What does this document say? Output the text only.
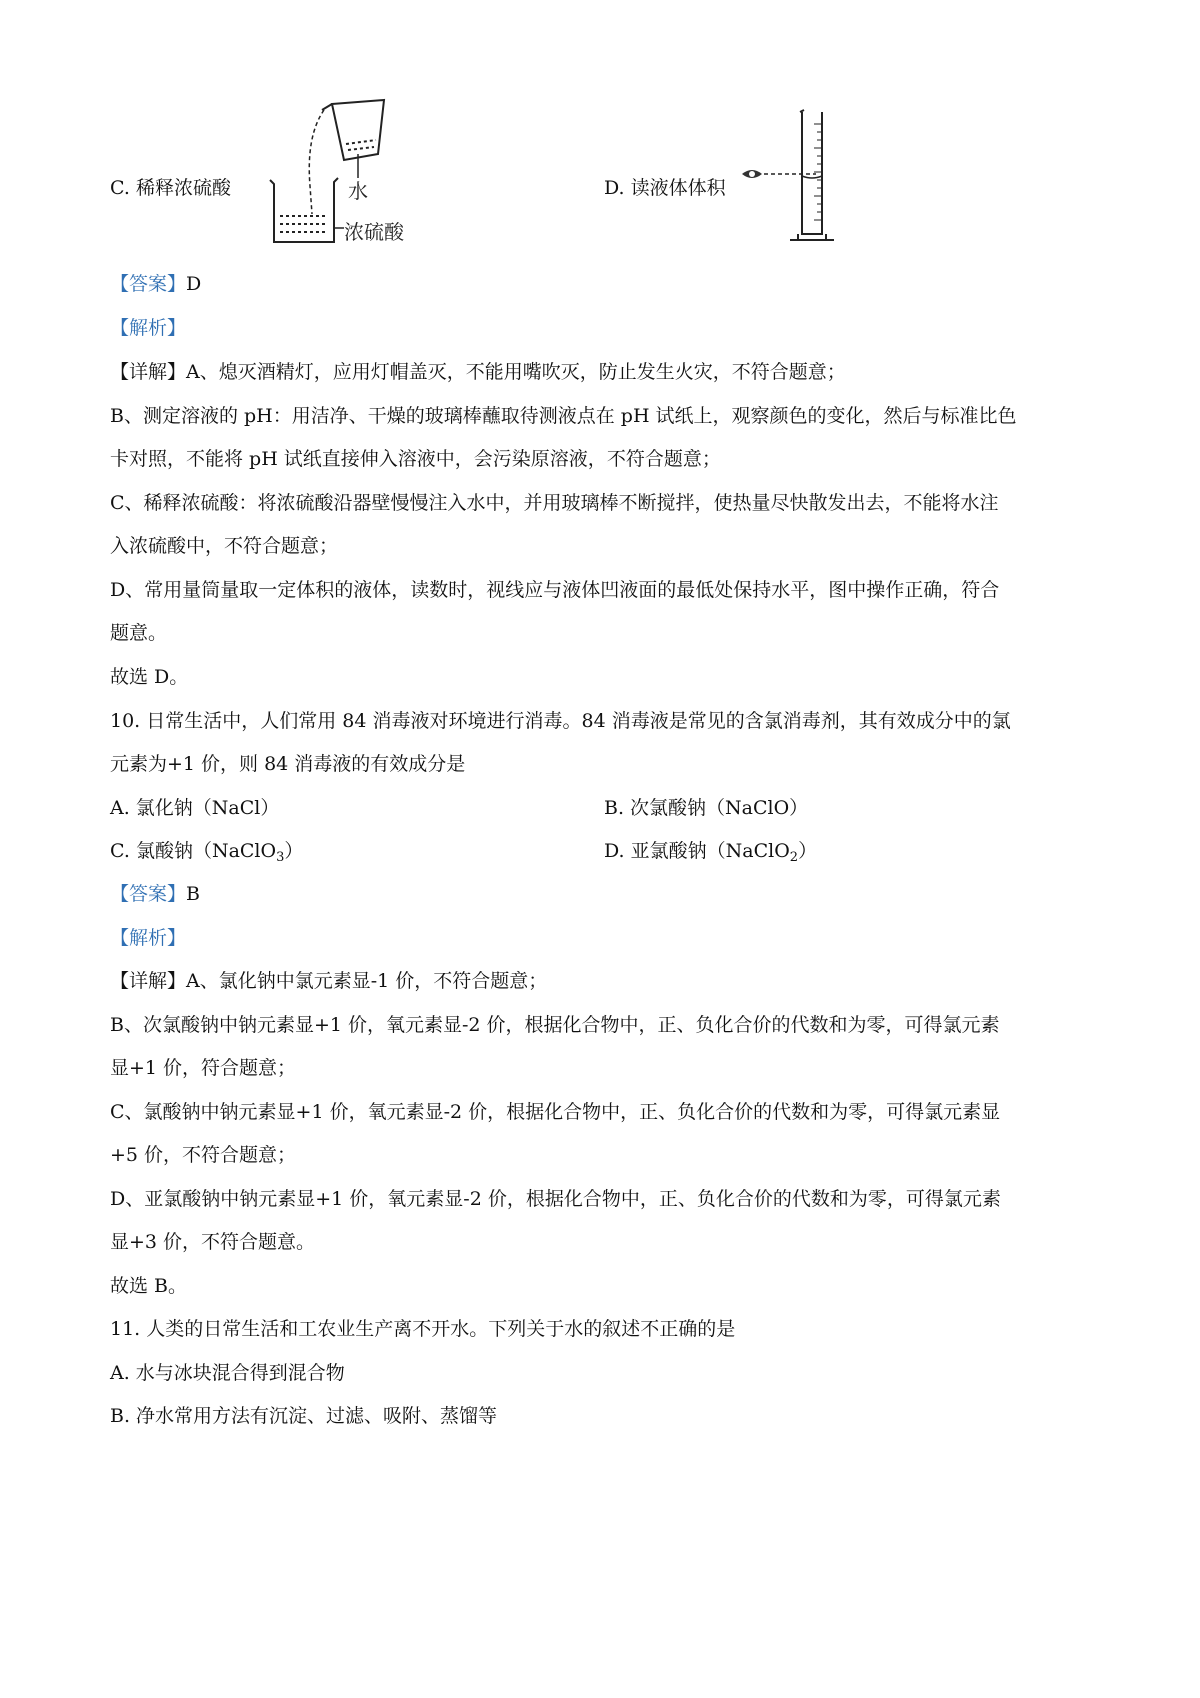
C. 稀释浓硫酸	水
浓硫酸
D. 读液体体积
【答案】D
【解析】
【详解】A、熄灭酒精灯，应用灯帽盖灭，不能用嘴吹灭，防止发生火灾，不符合题意；
B、测定溶液的 pH：用洁净、干燥的玻璃棒蘸取待测液点在 pH 试纸上，观察颜色的变化，然后与标准比色
卡对照，不能将 pH 试纸直接伸入溶液中，会污染原溶液，不符合题意；
C、稀释浓硫酸：将浓硫酸沿器壁慢慢注入水中，并用玻璃棒不断搅拌，使热量尽快散发出去，不能将水注
入浓硫酸中，不符合题意；
D、常用量筒量取一定体积的液体，读数时，视线应与液体凹液面的最低处保持水平，图中操作正确，符合
题意。
故选 D。
10. 日常生活中，人们常用 84 消毒液对环境进行消毒。84 消毒液是常见的含氯消毒剂，其有效成分中的氯
元素为+1 价，则 84 消毒液的有效成分是
A. 氯化钠（NaCl）	B. 次氯酸钠（NaClO）
C. 氯酸钠（NaClO$_3$）	D. 亚氯酸钠（NaClO$_2$）
【答案】B
【解析】
【详解】A、氯化钠中氯元素显-1 价，不符合题意；
B、次氯酸钠中钠元素显+1 价，氧元素显-2 价，根据化合物中，正、负化合价的代数和为零，可得氯元素
显+1 价，符合题意；
C、氯酸钠中钠元素显+1 价，氧元素显-2 价，根据化合物中，正、负化合价的代数和为零，可得氯元素显
+5 价，不符合题意；
D、亚氯酸钠中钠元素显+1 价，氧元素显-2 价，根据化合物中，正、负化合价的代数和为零，可得氯元素
显+3 价，不符合题意。
故选 B。
11. 人类的日常生活和工农业生产离不开水。下列关于水的叙述不正确的是
A. 水与冰块混合得到混合物
B. 净水常用方法有沉淀、过滤、吸附、蒸馏等
